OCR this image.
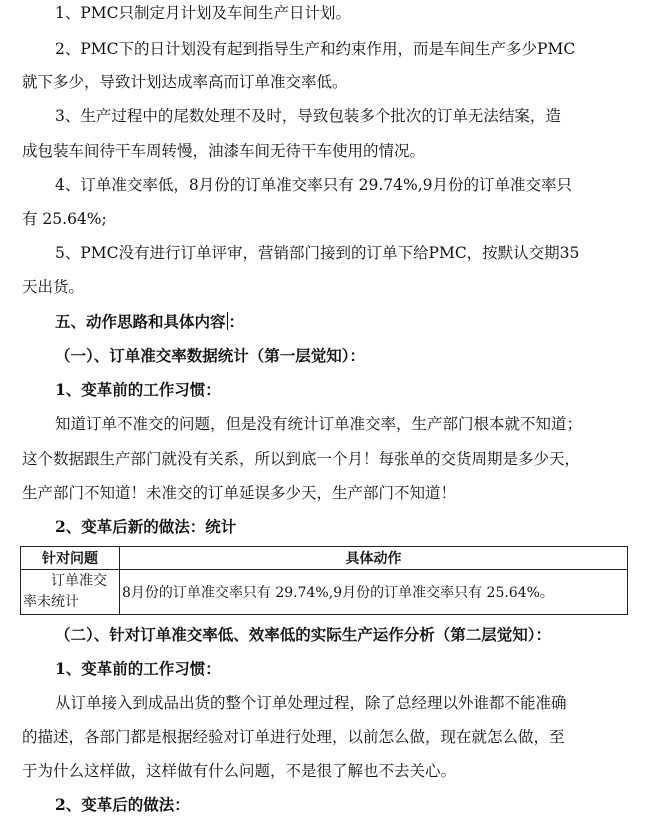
1、PMC只制定月计划及车间生产日计划。
2、PMC下的日计划没有起到指导生产和约束作用，而是车间生产多少PMC
就下多少，导致计划达成率高而订单准交率低。
3、生产过程中的尾数处理不及时，导致包装多个批次的订单无法结案，造
成包装车间待干车周转慢，油漆车间无待干车使用的情况。
4、订单准交率低，8月份的订单准交率只有 29.74%,9月份的订单准交率只
有 25.64%;
5、PMC没有进行订单评审，营销部门接到的订单下给PMC，按默认交期35
天出货。
五、动作思路和具体内容 ：
（一）、订单准交率数据统计（第一层觉知）：
1、变革前的工作习惯：
知道订单不准交的问题，但是没有统计订单准交率，生产部门根本就不知道；
这个数据跟生产部门就没有关系，所以到底一个月！每张单的交货周期是多少天，
生产部门不知道！未准交的订单延误多少天，生产部门不知道！
2、变革后新的做法：统计
针对问题	具体动作

订单准交
率未统计	8月份的订单准交率只有 29.74%,9月份的订单准交率只有 25.64%。
（二）、针对订单准交率低、效率低的实际生产运作分析（第二层觉知）：
1、变革前的工作习惯：
从订单接入到成品出货的整个订单处理过程，除了总经理以外谁都不能准确
的描述，各部门都是根据经验对订单进行处理，以前怎么做，现在就怎么做，至
于为什么这样做，这样做有什么问题，不是很了解也不去关心。
2、变革后的做法：
